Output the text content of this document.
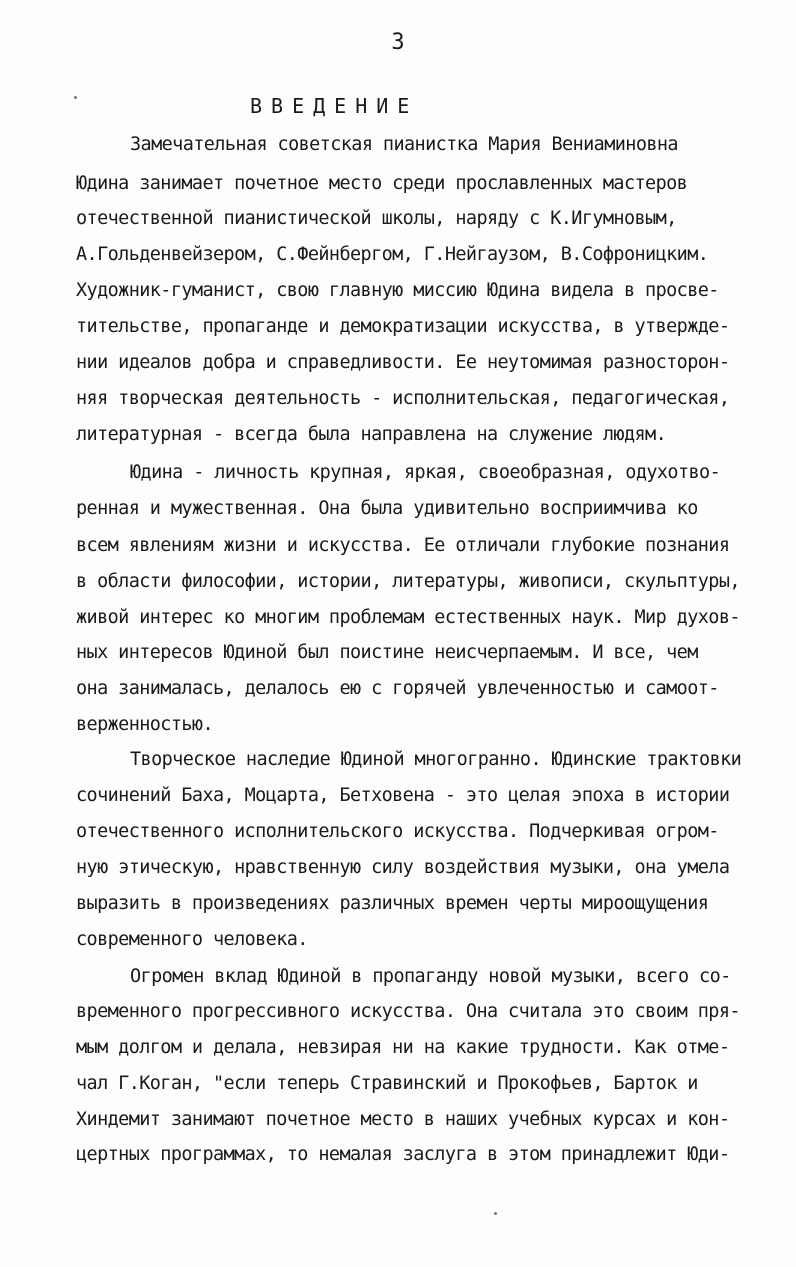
3
ВВЕДЕНИЕ
Замечательная советская пианистка Мария Вениаминовна
Юдина занимает почетное место среди прославленных мастеров
отечественной пианистической школы, наряду с К.Игумновым,
А.Гольденвейзером, С.Фейнбергом, Г.Нейгаузом, В.Софроницким.
Художник-гуманист, свою главную миссию Юдина видела в просве-
тительстве, пропаганде и демократизации искусства, в утвержде-
нии идеалов добра и справедливости. Ее неутомимая разносторон-
няя творческая деятельность - исполнительская, педагогическая,
литературная - всегда была направлена на служение людям.
Юдина - личность крупная, яркая, своеобразная, одухотво-
ренная и мужественная. Она была удивительно восприимчива ко
всем явлениям жизни и искусства. Ее отличали глубокие познания
в области философии, истории, литературы, живописи, скульптуры,
живой интерес ко многим проблемам естественных наук. Мир духов-
ных интересов Юдиной был поистине неисчерпаемым. И все, чем
она занималась, делалось ею с горячей увлеченностью и самоот-
верженностью.
Творческое наследие Юдиной многогранно. Юдинские трактовки
сочинений Баха, Моцарта, Бетховена - это целая эпоха в истории
отечественного исполнительского искусства. Подчеркивая огром-
ную этическую, нравственную силу воздействия музыки, она умела
выразить в произведениях различных времен черты мироощущения
современного человека.
Огромен вклад Юдиной в пропаганду новой музыки, всего со-
временного прогрессивного искусства. Она считала это своим пря-
мым долгом и делала, невзирая ни на какие трудности. Как отме-
чал Г.Коган, "если теперь Стравинский и Прокофьев, Барток и
Хиндемит занимают почетное место в наших учебных курсах и кон-
цертных программах, то немалая заслуга в этом принадлежит Юди-
